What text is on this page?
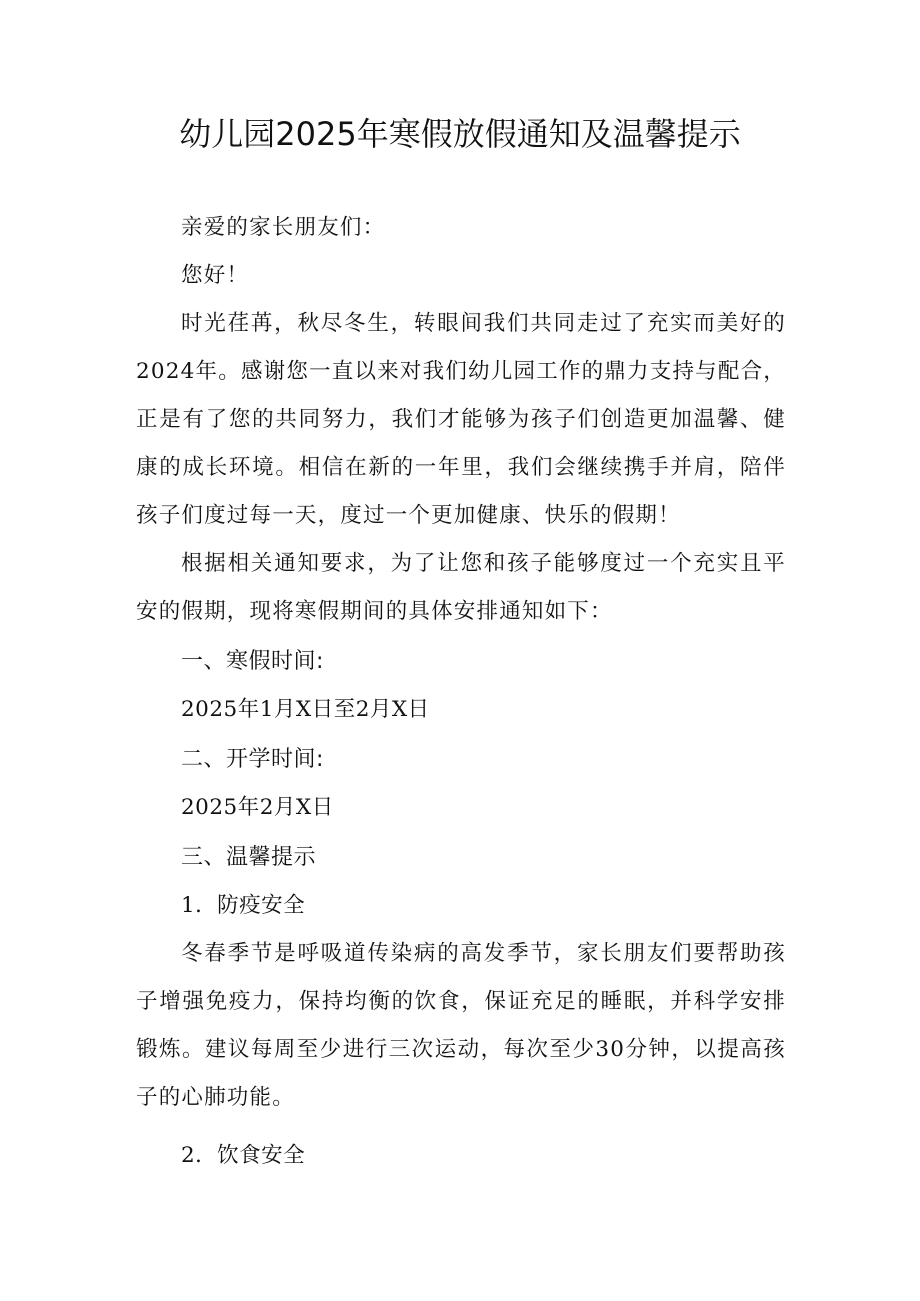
幼儿园2025年寒假放假通知及温馨提示

亲爱的家长朋友们：

您好！

时光荏苒，秋尽冬生，转眼间我们共同走过了充实而美好的2024年。感谢您一直以来对我们幼儿园工作的鼎力支持与配合，正是有了您的共同努力，我们才能够为孩子们创造更加温馨、健康的成长环境。相信在新的一年里，我们会继续携手并肩，陪伴孩子们度过每一天，度过一个更加健康、快乐的假期！

根据相关通知要求，为了让您和孩子能够度过一个充实且平安的假期，现将寒假期间的具体安排通知如下：

一、寒假时间:

2025年1月X日至2月X日

二、开学时间:

2025年2月X日

三、温馨提示

1．防疫安全

冬春季节是呼吸道传染病的高发季节，家长朋友们要帮助孩子增强免疫力，保持均衡的饮食，保证充足的睡眠，并科学安排锻炼。建议每周至少进行三次运动，每次至少30分钟，以提高孩子的心肺功能。

2．饮食安全
